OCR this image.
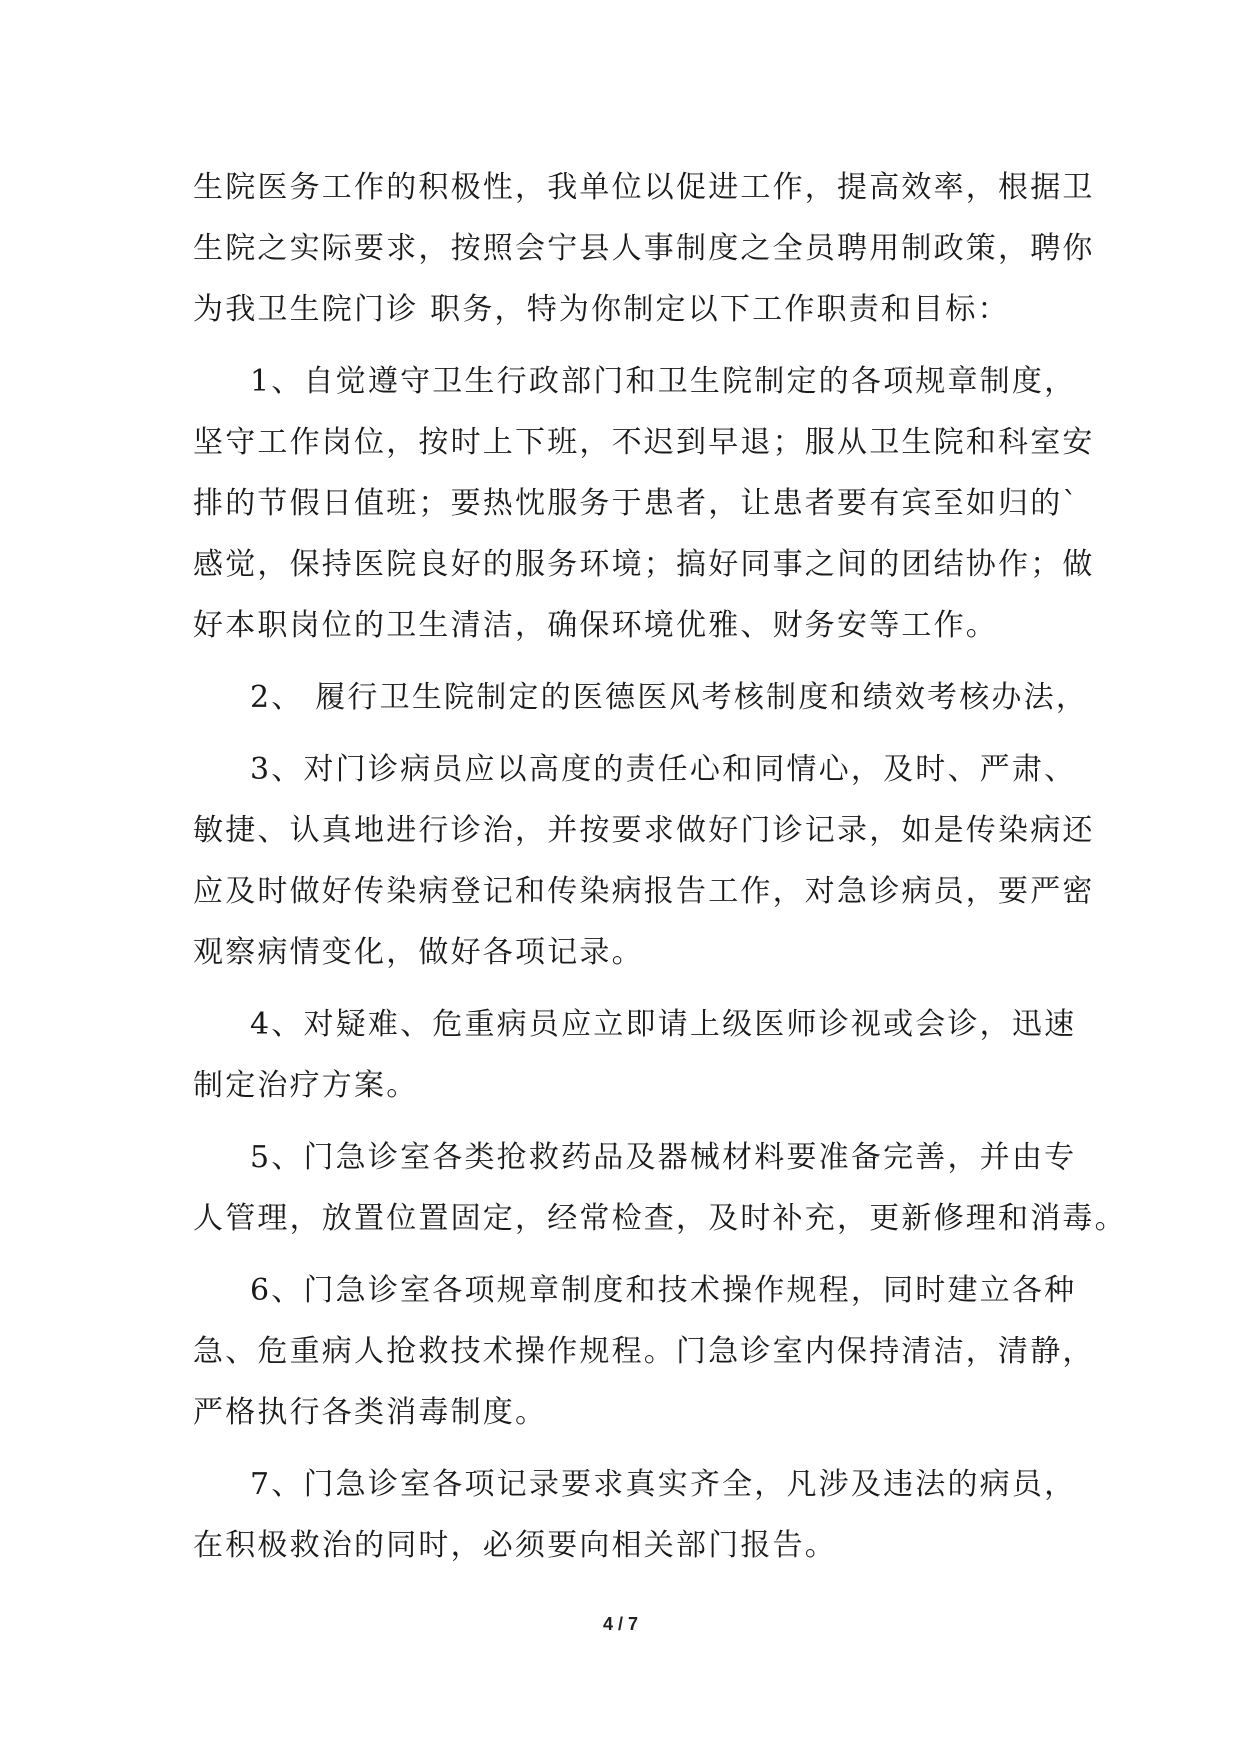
生院医务工作的积极性，我单位以促进工作，提高效率，根据卫
生院之实际要求，按照会宁县人事制度之全员聘用制政策，聘你
为我卫生院门诊 职务，特为你制定以下工作职责和目标：
1、自觉遵守卫生行政部门和卫生院制定的各项规章制度，
坚守工作岗位，按时上下班，不迟到早退；服从卫生院和科室安
排的节假日值班；要热忱服务于患者，让患者要有宾至如归的`
感觉，保持医院良好的服务环境；搞好同事之间的团结协作；做
好本职岗位的卫生清洁，确保环境优雅、财务安等工作。
2、 履行卫生院制定的医德医风考核制度和绩效考核办法，
3、对门诊病员应以高度的责任心和同情心，及时、严肃、
敏捷、认真地进行诊治，并按要求做好门诊记录，如是传染病还
应及时做好传染病登记和传染病报告工作，对急诊病员，要严密
观察病情变化，做好各项记录。
4、对疑难、危重病员应立即请上级医师诊视或会诊，迅速
制定治疗方案。
5、门急诊室各类抢救药品及器械材料要准备完善，并由专
人管理，放置位置固定，经常检查，及时补充，更新修理和消毒。
6、门急诊室各项规章制度和技术操作规程，同时建立各种
急、危重病人抢救技术操作规程。门急诊室内保持清洁，清静，
严格执行各类消毒制度。
7、门急诊室各项记录要求真实齐全，凡涉及违法的病员，
在积极救治的同时，必须要向相关部门报告。
4 / 7
